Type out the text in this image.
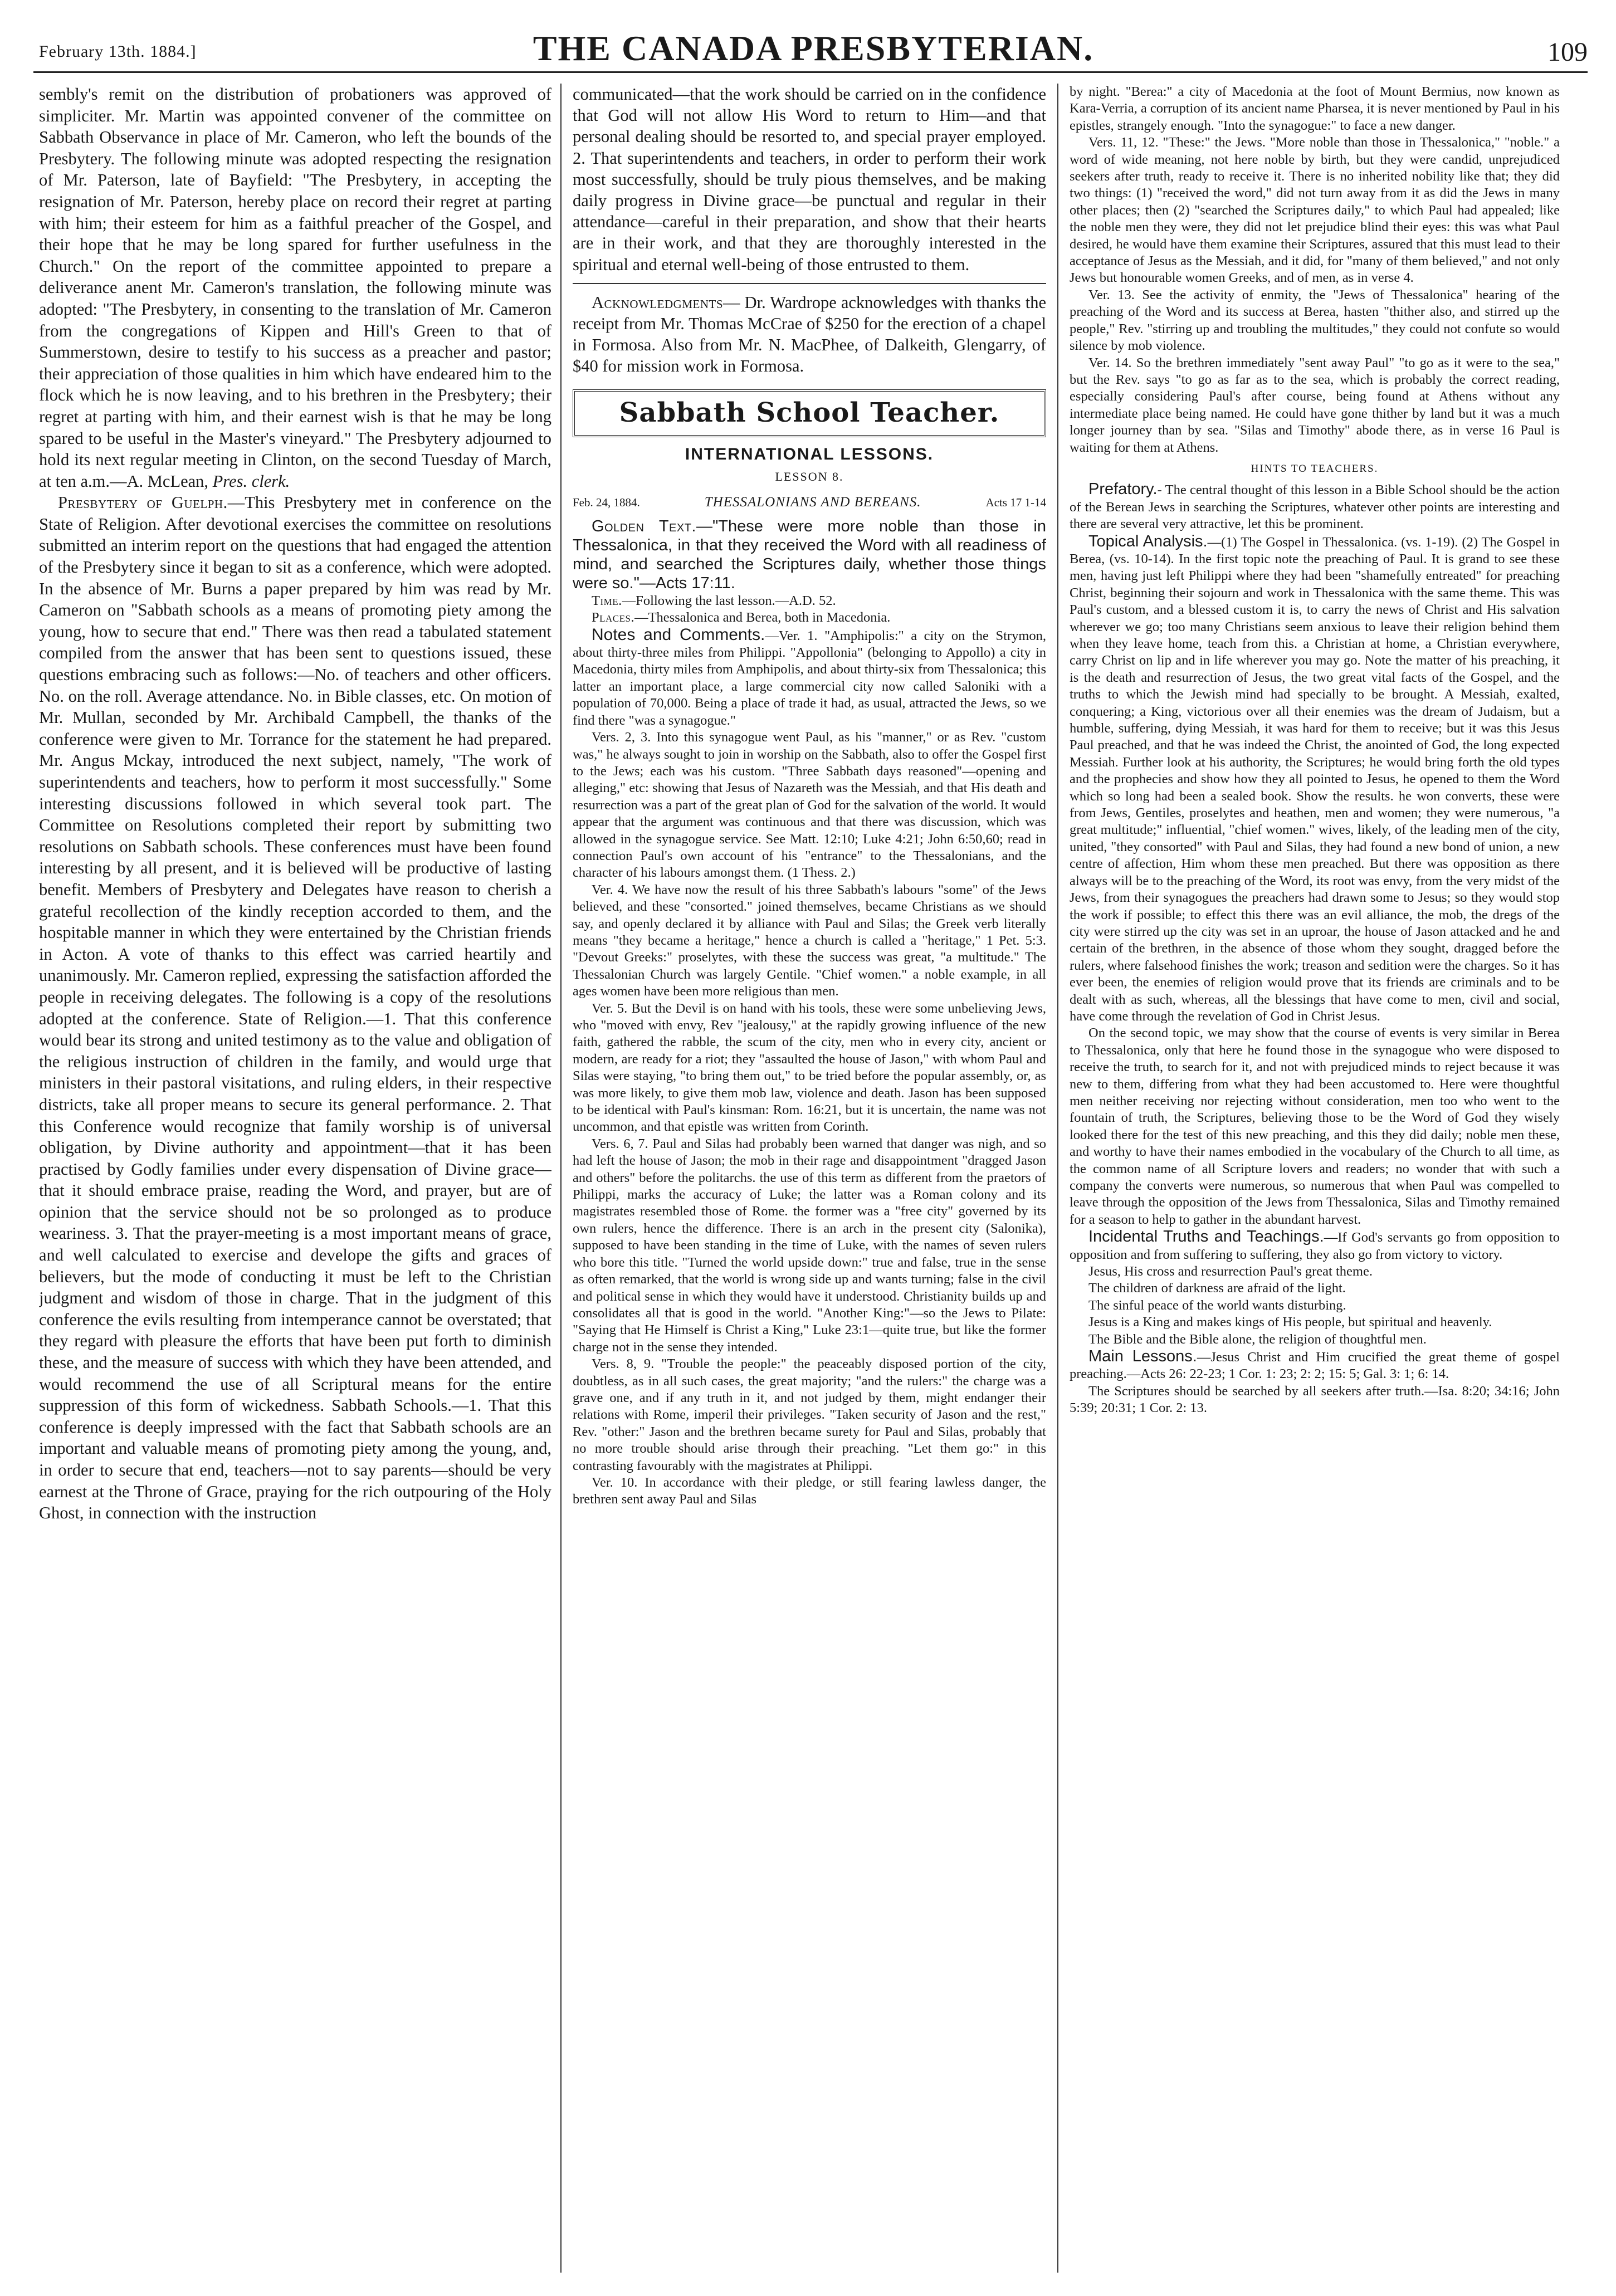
February 13th. 1884.]	THE CANADA PRESBYTERIAN.	109

sembly's remit on the distribution of probationers was approved of simpliciter. Mr. Martin was appointed convener of the committee on Sabbath Observance in place of Mr. Cameron, who left the bounds of the Presbytery. The following minute was adopted respecting the resignation of Mr. Paterson, late of Bayfield: "The Presbytery, in accepting the resignation of Mr. Paterson, hereby place on record their regret at parting with him; their esteem for him as a faithful preacher of the Gospel, and their hope that he may be long spared for further usefulness in the Church." On the report of the committee appointed to prepare a deliverance anent Mr. Cameron's translation, the following minute was adopted: "The Presbytery, in consenting to the translation of Mr. Cameron from the congregations of Kippen and Hill's Green to that of Summerstown, desire to testify to his success as a preacher and pastor; their appreciation of those qualities in him which have endeared him to the flock which he is now leaving, and to his brethren in the Presbytery; their regret at parting with him, and their earnest wish is that he may be long spared to be useful in the Master's vineyard." The Presbytery adjourned to hold its next regular meeting in Clinton, on the second Tuesday of March, at ten a.m.—A. McLean, Pres. clerk.

Presbytery of Guelph.—This Presbytery met in conference on the State of Religion. After devotional exercises the committee on resolutions submitted an interim report on the questions that had engaged the attention of the Presbytery since it began to sit as a conference, which were adopted. In the absence of Mr. Burns a paper prepared by him was read by Mr. Cameron on "Sabbath schools as a means of promoting piety among the young, how to secure that end." There was then read a tabulated statement compiled from the answer that has been sent to questions issued, these questions embracing such as follows:—No. of teachers and other officers. No. on the roll. Average attendance. No. in Bible classes, etc. On motion of Mr. Mullan, seconded by Mr. Archibald Campbell, the thanks of the conference were given to Mr. Torrance for the statement he had prepared. Mr. Angus Mckay, introduced the next subject, namely, "The work of superintendents and teachers, how to perform it most successfully." Some interesting discussions followed in which several took part. The Committee on Resolutions completed their report by submitting two resolutions on Sabbath schools. These conferences must have been found interesting by all present, and it is believed will be productive of lasting benefit. Members of Presbytery and Delegates have reason to cherish a grateful recollection of the kindly reception accorded to them, and the hospitable manner in which they were entertained by the Christian friends in Acton. A vote of thanks to this effect was carried heartily and unanimously. Mr. Cameron replied, expressing the satisfaction afforded the people in receiving delegates. The following is a copy of the resolutions adopted at the conference. State of Religion.—1. That this conference would bear its strong and united testimony as to the value and obligation of the religious instruction of children in the family, and would urge that ministers in their pastoral visitations, and ruling elders, in their respective districts, take all proper means to secure its general performance. 2. That this Conference would recognize that family worship is of universal obligation, by Divine authority and appointment—that it has been practised by Godly families under every dispensation of Divine grace—that it should embrace praise, reading the Word, and prayer, but are of opinion that the service should not be so prolonged as to produce weariness. 3. That the prayer-meeting is a most important means of grace, and well calculated to exercise and develope the gifts and graces of believers, but the mode of conducting it must be left to the Christian judgment and wisdom of those in charge. That in the judgment of this conference the evils resulting from intemperance cannot be overstated; that they regard with pleasure the efforts that have been put forth to diminish these, and the measure of success with which they have been attended, and would recommend the use of all Scriptural means for the entire suppression of this form of wickedness. Sabbath Schools.—1. That this conference is deeply impressed with the fact that Sabbath schools are an important and valuable means of promoting piety among the young, and, in order to secure that end, teachers—not to say parents—should be very earnest at the Throne of Grace, praying for the rich outpouring of the Holy Ghost, in connection with the instruction

communicated—that the work should be carried on in the confidence that God will not allow His Word to return to Him—and that personal dealing should be resorted to, and special prayer employed. 2. That superintendents and teachers, in order to perform their work most successfully, should be truly pious themselves, and be making daily progress in Divine grace—be punctual and regular in their attendance—careful in their preparation, and show that their hearts are in their work, and that they are thoroughly interested in the spiritual and eternal well-being of those entrusted to them.

Acknowledgments— Dr. Wardrope acknowledges with thanks the receipt from Mr. Thomas McCrae of $250 for the erection of a chapel in Formosa. Also from Mr. N. MacPhee, of Dalkeith, Glengarry, of $40 for mission work in Formosa.

Sabbath School Teacher.
INTERNATIONAL LESSONS.
LESSON 8.
Feb. 24, 1884.	THESSALONIANS AND BEREANS.	Acts 17 1-14

Golden Text.—"These were more noble than those in Thessalonica, in that they received the Word with all readiness of mind, and searched the Scriptures daily, whether those things were so."—Acts 17:11.

Time.—Following the last lesson.—A.D. 52.

Places.—Thessalonica and Berea, both in Macedonia.

Notes and Comments.—Ver. 1. "Amphipolis:" a city on the Strymon, about thirty-three miles from Philippi. "Appollonia" (belonging to Appollo) a city in Macedonia, thirty miles from Amphipolis, and about thirty-six from Thessalonica; this latter an important place, a large commercial city now called Saloniki with a population of 70,000. Being a place of trade it had, as usual, attracted the Jews, so we find there "was a synagogue."

Vers. 2, 3. Into this synagogue went Paul, as his "manner," or as Rev. "custom was," he always sought to join in worship on the Sabbath, also to offer the Gospel first to the Jews; each was his custom. "Three Sabbath days reasoned"—opening and alleging," etc: showing that Jesus of Nazareth was the Messiah, and that His death and resurrection was a part of the great plan of God for the salvation of the world. It would appear that the argument was continuous and that there was discussion, which was allowed in the synagogue service. See Matt. 12:10; Luke 4:21; John 6:50,60; read in connection Paul's own account of his "entrance" to the Thessalonians, and the character of his labours amongst them. (1 Thess. 2.)

Ver. 4. We have now the result of his three Sabbath's labours "some" of the Jews believed, and these "consorted." joined themselves, became Christians as we should say, and openly declared it by alliance with Paul and Silas; the Greek verb literally means "they became a heritage," hence a church is called a "heritage," 1 Pet. 5:3. "Devout Greeks:" proselytes, with these the success was great, "a multitude." The Thessalonian Church was largely Gentile. "Chief women." a noble example, in all ages women have been more religious than men.

Ver. 5. But the Devil is on hand with his tools, these were some unbelieving Jews, who "moved with envy, Rev "jealousy," at the rapidly growing influence of the new faith, gathered the rabble, the scum of the city, men who in every city, ancient or modern, are ready for a riot; they "assaulted the house of Jason," with whom Paul and Silas were staying, "to bring them out," to be tried before the popular assembly, or, as was more likely, to give them mob law, violence and death. Jason has been supposed to be identical with Paul's kinsman: Rom. 16:21, but it is uncertain, the name was not uncommon, and that epistle was written from Corinth.

Vers. 6, 7. Paul and Silas had probably been warned that danger was nigh, and so had left the house of Jason; the mob in their rage and disappointment "dragged Jason and others" before the politarchs. the use of this term as different from the praetors of Philippi, marks the accuracy of Luke; the latter was a Roman colony and its magistrates resembled those of Rome. the former was a "free city" governed by its own rulers, hence the difference. There is an arch in the present city (Salonika), supposed to have been standing in the time of Luke, with the names of seven rulers who bore this title. "Turned the world upside down:" true and false, true in the sense as often remarked, that the world is wrong side up and wants turning; false in the civil and political sense in which they would have it understood. Christianity builds up and consolidates all that is good in the world. "Another King:"—so the Jews to Pilate: "Saying that He Himself is Christ a King," Luke 23:1—quite true, but like the former charge not in the sense they intended.

Vers. 8, 9. "Trouble the people:" the peaceably disposed portion of the city, doubtless, as in all such cases, the great majority; "and the rulers:" the charge was a grave one, and if any truth in it, and not judged by them, might endanger their relations with Rome, imperil their privileges. "Taken security of Jason and the rest," Rev. "other:" Jason and the brethren became surety for Paul and Silas, probably that no more trouble should arise through their preaching. "Let them go:" in this contrasting favourably with the magistrates at Philippi.

Ver. 10. In accordance with their pledge, or still fearing lawless danger, the brethren sent away Paul and Silas

by night. "Berea:" a city of Macedonia at the foot of Mount Bermius, now known as Kara-Verria, a corruption of its ancient name Pharsea, it is never mentioned by Paul in his epistles, strangely enough. "Into the synagogue:" to face a new danger.

Vers. 11, 12. "These:" the Jews. "More noble than those in Thessalonica," "noble." a word of wide meaning, not here noble by birth, but they were candid, unprejudiced seekers after truth, ready to receive it. There is no inherited nobility like that; they did two things: (1) "received the word," did not turn away from it as did the Jews in many other places; then (2) "searched the Scriptures daily," to which Paul had appealed; like the noble men they were, they did not let prejudice blind their eyes: this was what Paul desired, he would have them examine their Scriptures, assured that this must lead to their acceptance of Jesus as the Messiah, and it did, for "many of them believed," and not only Jews but honourable women Greeks, and of men, as in verse 4.

Ver. 13. See the activity of enmity, the "Jews of Thessalonica" hearing of the preaching of the Word and its success at Berea, hasten "thither also, and stirred up the people," Rev. "stirring up and troubling the multitudes," they could not confute so would silence by mob violence.

Ver. 14. So the brethren immediately "sent away Paul" "to go as it were to the sea," but the Rev. says "to go as far as to the sea, which is probably the correct reading, especially considering Paul's after course, being found at Athens without any intermediate place being named. He could have gone thither by land but it was a much longer journey than by sea. "Silas and Timothy" abode there, as in verse 16 Paul is waiting for them at Athens.

HINTS TO TEACHERS.

Prefatory.- The central thought of this lesson in a Bible School should be the action of the Berean Jews in searching the Scriptures, whatever other points are interesting and there are several very attractive, let this be prominent.

Topical Analysis.—(1) The Gospel in Thessalonica. (vs. 1-19). (2) The Gospel in Berea, (vs. 10-14). In the first topic note the preaching of Paul. It is grand to see these men, having just left Philippi where they had been "shamefully entreated" for preaching Christ, beginning their sojourn and work in Thessalonica with the same theme. This was Paul's custom, and a blessed custom it is, to carry the news of Christ and His salvation wherever we go; too many Christians seem anxious to leave their religion behind them when they leave home, teach from this. a Christian at home, a Christian everywhere, carry Christ on lip and in life wherever you may go. Note the matter of his preaching, it is the death and resurrection of Jesus, the two great vital facts of the Gospel, and the truths to which the Jewish mind had specially to be brought. A Messiah, exalted, conquering; a King, victorious over all their enemies was the dream of Judaism, but a humble, suffering, dying Messiah, it was hard for them to receive; but it was this Jesus Paul preached, and that he was indeed the Christ, the anointed of God, the long expected Messiah. Further look at his authority, the Scriptures; he would bring forth the old types and the prophecies and show how they all pointed to Jesus, he opened to them the Word which so long had been a sealed book. Show the results. he won converts, these were from Jews, Gentiles, proselytes and heathen, men and women; they were numerous, "a great multitude;" influential, "chief women." wives, likely, of the leading men of the city, united, "they consorted" with Paul and Silas, they had found a new bond of union, a new centre of affection, Him whom these men preached. But there was opposition as there always will be to the preaching of the Word, its root was envy, from the very midst of the Jews, from their synagogues the preachers had drawn some to Jesus; so they would stop the work if possible; to effect this there was an evil alliance, the mob, the dregs of the city were stirred up the city was set in an uproar, the house of Jason attacked and he and certain of the brethren, in the absence of those whom they sought, dragged before the rulers, where falsehood finishes the work; treason and sedition were the charges. So it has ever been, the enemies of religion would prove that its friends are criminals and to be dealt with as such, whereas, all the blessings that have come to men, civil and social, have come through the revelation of God in Christ Jesus.

On the second topic, we may show that the course of events is very similar in Berea to Thessalonica, only that here he found those in the synagogue who were disposed to receive the truth, to search for it, and not with prejudiced minds to reject because it was new to them, differing from what they had been accustomed to. Here were thoughtful men neither receiving nor rejecting without consideration, men too who went to the fountain of truth, the Scriptures, believing those to be the Word of God they wisely looked there for the test of this new preaching, and this they did daily; noble men these, and worthy to have their names embodied in the vocabulary of the Church to all time, as the common name of all Scripture lovers and readers; no wonder that with such a company the converts were numerous, so numerous that when Paul was compelled to leave through the opposition of the Jews from Thessalonica, Silas and Timothy remained for a season to help to gather in the abundant harvest.

Incidental Truths and Teachings.—If God's servants go from opposition to opposition and from suffering to suffering, they also go from victory to victory.

Jesus, His cross and resurrection Paul's great theme.

The children of darkness are afraid of the light.

The sinful peace of the world wants disturbing.

Jesus is a King and makes kings of His people, but spiritual and heavenly.

The Bible and the Bible alone, the religion of thoughtful men.

Main Lessons.—Jesus Christ and Him crucified the great theme of gospel preaching.—Acts 26: 22-23; 1 Cor. 1: 23; 2: 2; 15: 5; Gal. 3: 1; 6: 14.

The Scriptures should be searched by all seekers after truth.—Isa. 8:20; 34:16; John 5:39; 20:31; 1 Cor. 2: 13.
